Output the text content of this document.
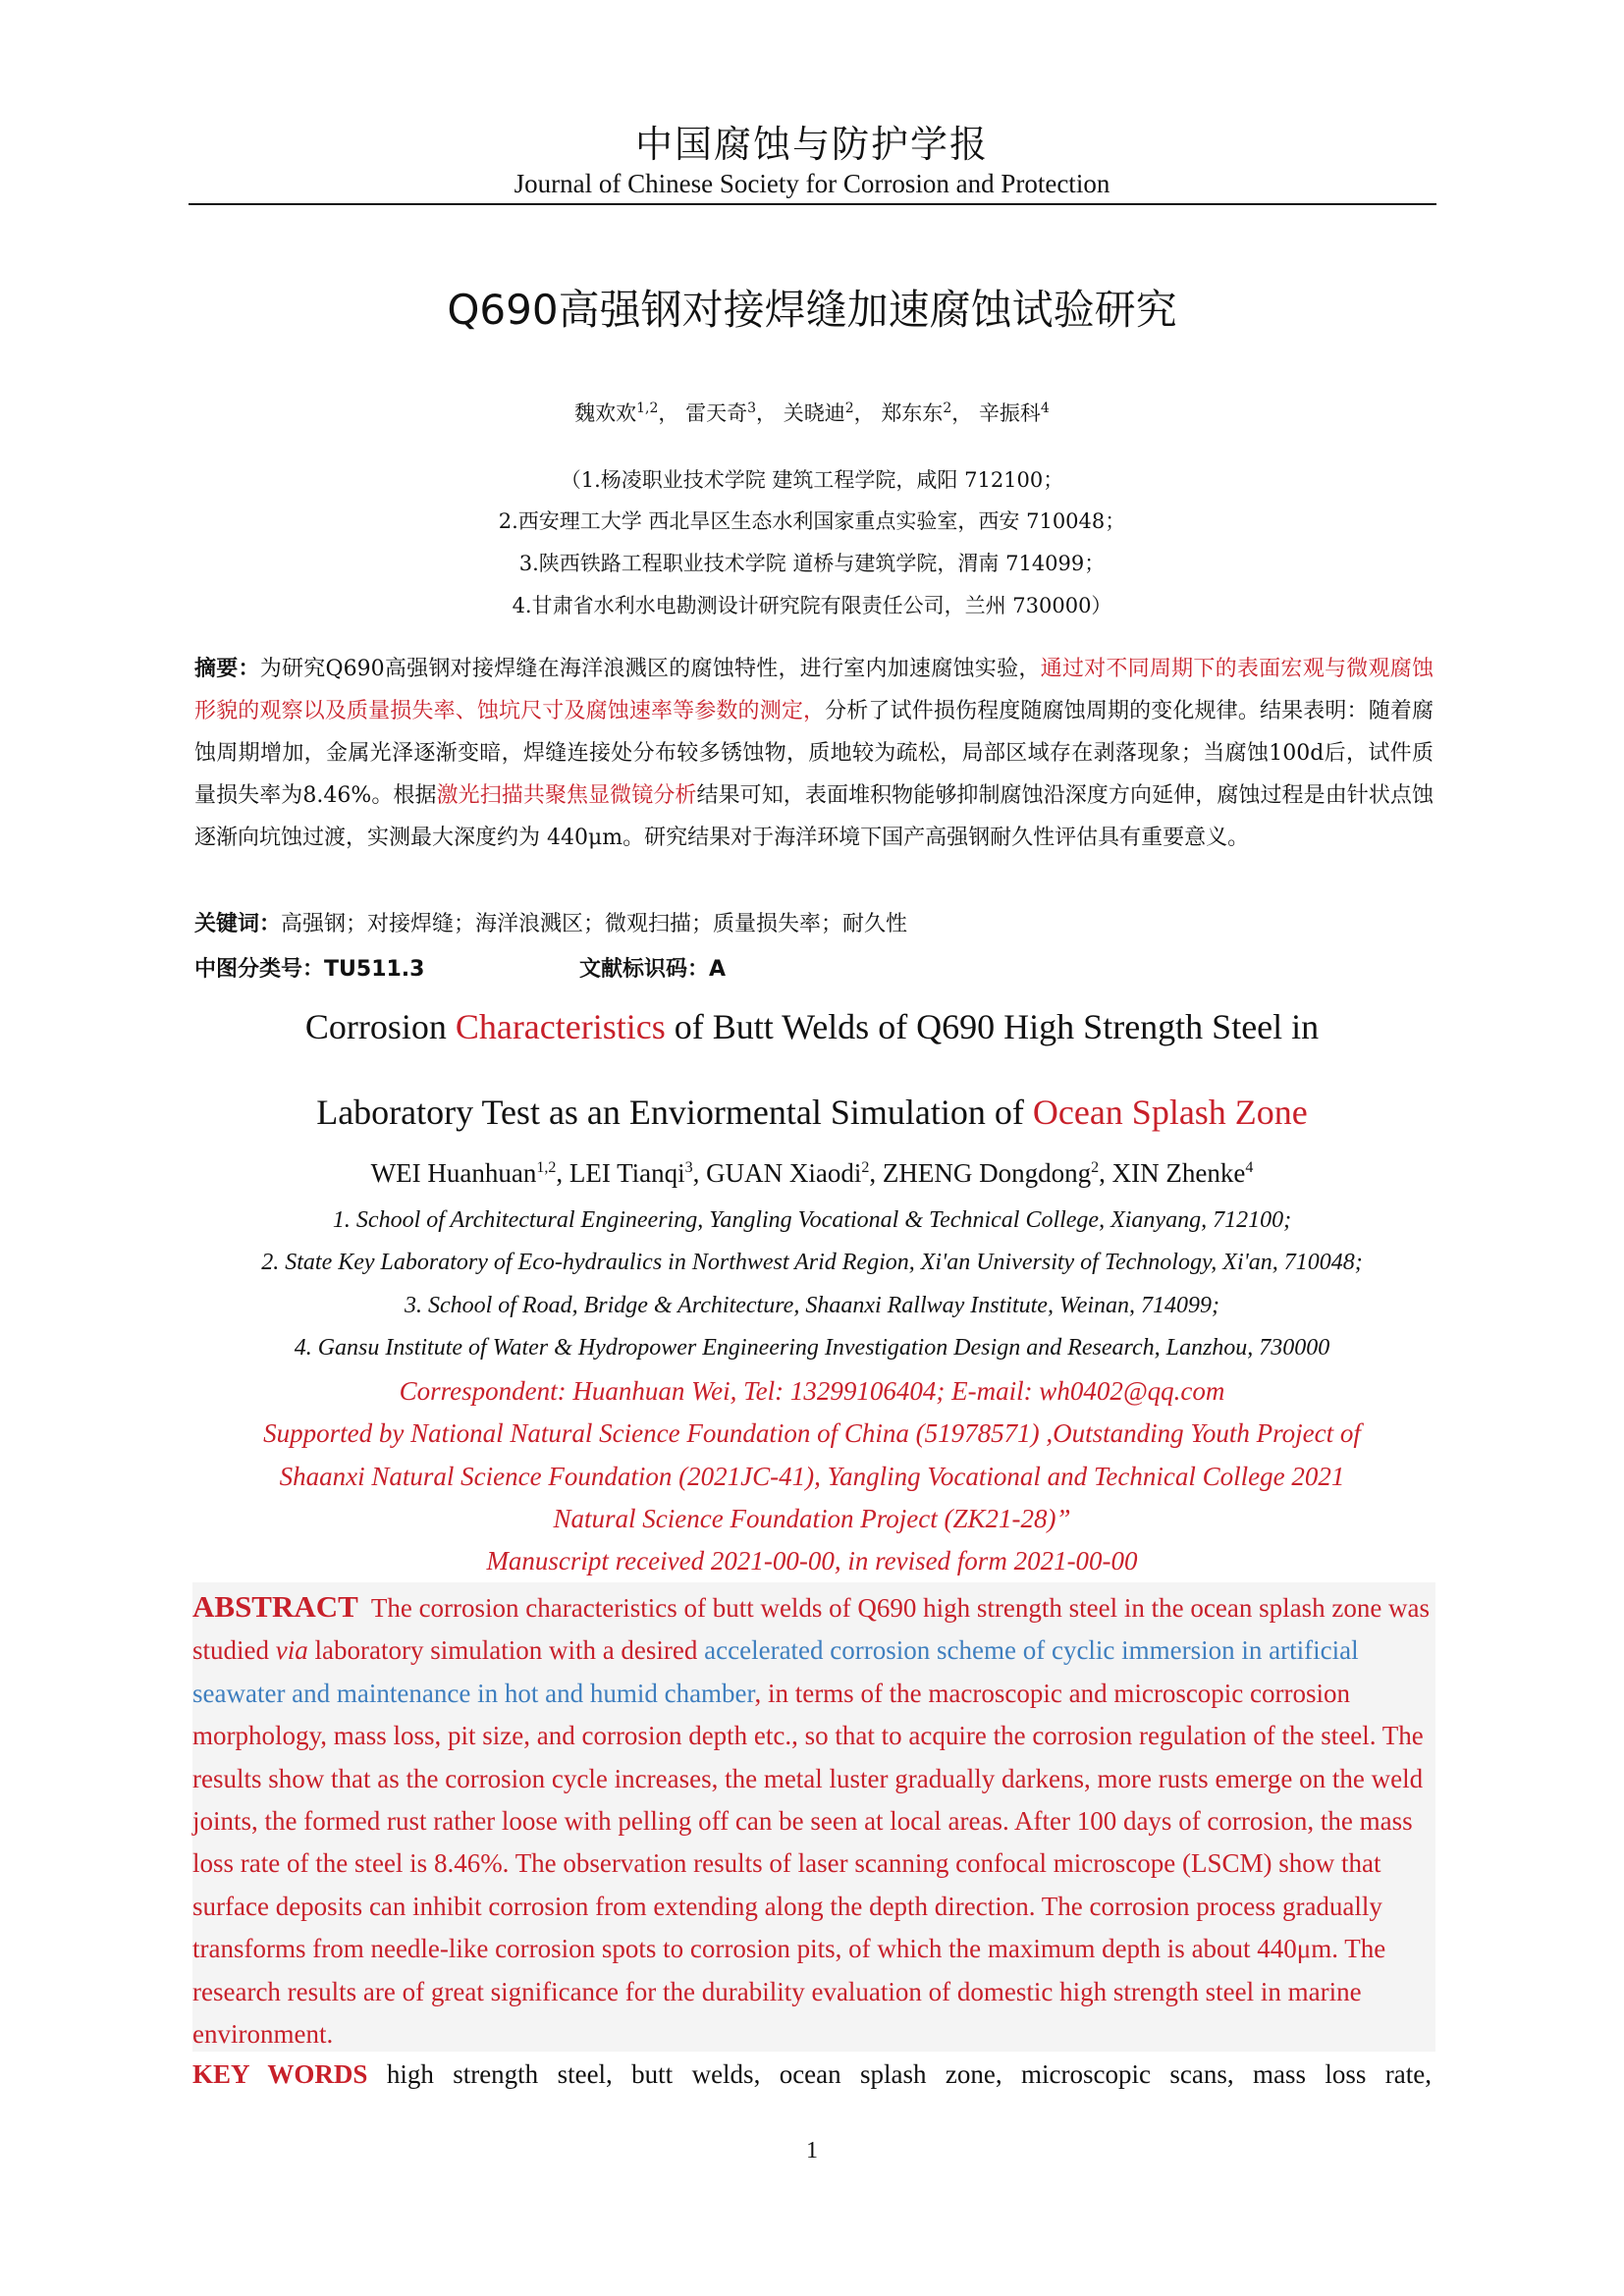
中国腐蚀与防护学报
Journal of Chinese Society for Corrosion and Protection
Q690高强钢对接焊缝加速腐蚀试验研究
魏欢欢$^{1,2}$， 雷天奇$^3$， 关晓迪$^2$， 郑东东$^2$， 辛振科$^4$
（1.杨凌职业技术学院 建筑工程学院，咸阳 712100；
2.西安理工大学 西北旱区生态水利国家重点实验室，西安 710048；
3.陕西铁路工程职业技术学院 道桥与建筑学院，渭南 714099；
4.甘肃省水利水电勘测设计研究院有限责任公司，兰州 730000）
摘要：为研究Q690高强钢对接焊缝在海洋浪溅区的腐蚀特性，进行室内加速腐蚀实验，通过对不同周期下的表面宏观与微观腐蚀形貌的观察以及质量损失率、蚀坑尺寸及腐蚀速率等参数的测定，分析了试件损伤程度随腐蚀周期的变化规律。结果表明：随着腐蚀周期增加，金属光泽逐渐变暗，焊缝连接处分布较多锈蚀物，质地较为疏松，局部区域存在剥落现象；当腐蚀100d后，试件质量损失率为8.46%。根据激光扫描共聚焦显微镜分析结果可知，表面堆积物能够抑制腐蚀沿深度方向延伸，腐蚀过程是由针状点蚀逐渐向坑蚀过渡，实测最大深度约为 440μm。研究结果对于海洋环境下国产高强钢耐久性评估具有重要意义。
关键词：高强钢；对接焊缝；海洋浪溅区；微观扫描；质量损失率；耐久性
中图分类号：TU511.3	文献标识码：A
Corrosion Characteristics of Butt Welds of Q690 High Strength Steel in
Laboratory Test as an Enviormental Simulation of Ocean Splash Zone
WEI Huanhuan$^{1,2}$, LEI Tianqi$^3$, GUAN Xiaodi$^2$, ZHENG Dongdong$^2$, XIN Zhenke$^4$
1. School of Architectural Engineering, Yangling Vocational & Technical College, Xianyang, 712100;
2. State Key Laboratory of Eco-hydraulics in Northwest Arid Region, Xi'an University of Technology, Xi'an, 710048;
3. School of Road, Bridge & Architecture, Shaanxi Rallway Institute, Weinan, 714099;
4. Gansu Institute of Water & Hydropower Engineering Investigation Design and Research, Lanzhou, 730000
Correspondent: Huanhuan Wei, Tel: 13299106404; E-mail: wh0402@qq.com
Supported by National Natural Science Foundation of China (51978571) ,Outstanding Youth Project of
Shaanxi Natural Science Foundation (2021JC-41), Yangling Vocational and Technical College 2021
Natural Science Foundation Project (ZK21-28)”
Manuscript received 2021-00-00, in revised form 2021-00-00
ABSTRACT The corrosion characteristics of butt welds of Q690 high strength steel in the ocean splash zone was studied via laboratory simulation with a desired accelerated corrosion scheme of cyclic immersion in artificial seawater and maintenance in hot and humid chamber, in terms of the macroscopic and microscopic corrosion morphology, mass loss, pit size, and corrosion depth etc., so that to acquire the corrosion regulation of the steel. The results show that as the corrosion cycle increases, the metal luster gradually darkens, more rusts emerge on the weld joints, the formed rust rather loose with pelling off can be seen at local areas. After 100 days of corrosion, the mass loss rate of the steel is 8.46%. The observation results of laser scanning confocal microscope (LSCM) show that surface deposits can inhibit corrosion from extending along the depth direction. The corrosion process gradually transforms from needle-like corrosion spots to corrosion pits, of which the maximum depth is about 440μm. The research results are of great significance for the durability evaluation of domestic high strength steel in marine environment.
KEY WORDS high strength steel, butt welds, ocean splash zone, microscopic scans, mass loss rate,
1
